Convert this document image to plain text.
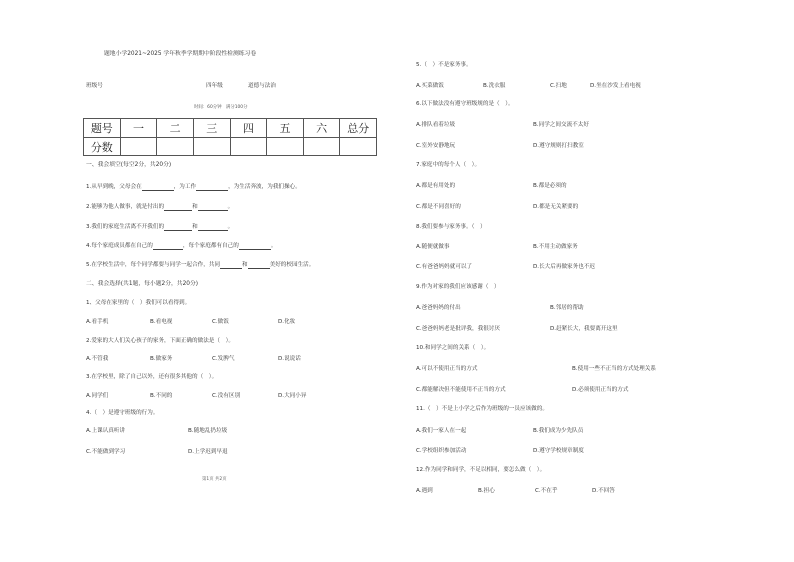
题地小学2021~2025 学年秋季学期期中阶段性检测练习卷
班级号	四年级	道德与法治
时间：60分钟　满分100分
题号	一	二	三	四	五	六	总分
分数							
一、我会填空(每空2分，共20分)
1.从早到晚，父母会在	，为工作	，为生活奔波，为我们操心。
2.能够为他人做事，就是付出的	和	。
3.我们的家庭生活离不开我们的	和	。
4.每个家庭成员都在自己的	，每个家庭都有自己的	。
5.在学校生活中，每个同学都要与同学一起合作，共同	和	美好的校园生活。
二、我会选择(共1题，每小题2分，共20分)
1、父母在家里的（　）我们可以看得到。
A.看手机	B.看电视	C.做饭	D.化妆
2.爱家的大人们关心孩子的家务，下面正确的做法是（　）。
A.不管我	B.做家务	C.发脾气	D.说说话
3.在学校里，除了自己以外，还有很多其他的（　）。
A.同学们	B.不同的	C.没有区别	D.大同小异
4.（　）是遵守班级的行为。
A.上课认真听讲	B.随地乱扔垃圾
C.不能做到学习	D.上学迟到早退
第1页 共2页
5.（　）不是家务事。
A.买菜做饭	B.洗衣服	C.扫地	D.坐在沙发上看电视
6.以下做法没有遵守班级规的是（　）。
A.排队看着垃圾	B.同学之间交流不太好
C.室外安静地玩	D.遵守规则打扫教室
7.家庭中的每个人（　）。
A.都是有用处的	B.都是必须的
C.都是不同喜好的	D.都是无关紧要的
8.我们要参与家务事。（　）
A.随便就做事	B.不用主动做家务
C.有爸爸妈妈就可以了	D.长大后再做家务也不迟
9.作为对家的我们应该感谢（　）
A.爸爸妈妈的付出	B.邻居的帮助
C.爸爸妈妈老是批评我，我很讨厌	D.赶紧长大，我要离开这里
10.和同学之间的关系（　）。
A.可以不使用正当的方式	B.使用一些不正当的方式处理关系
C.都能解决但不能使用不正当的方式	D.必须使用正当的方式
11.（　）不是上小学之后作为班级的一员应该做的。
A.我们一家人在一起	B.我们成为少先队员
C.学校组织参加活动	D.遵守学校规章制度
12.作为同学和同学，不足以相同，要怎么做（　）。
A.遇到	B.担心	C.不在乎	D.不回答
